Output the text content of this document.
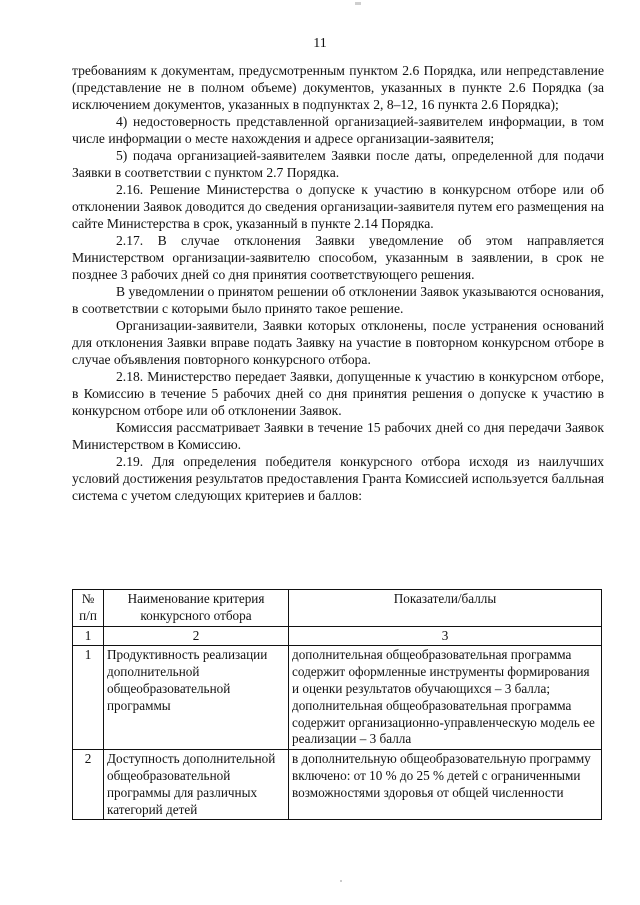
11

требованиям к документам, предусмотренным пунктом 2.6 Порядка, или непредставление (представление не в полном объеме) документов, указанных в пункте 2.6 Порядка (за исключением документов, указанных в подпунктах 2, 8–12, 16 пункта 2.6 Порядка);

4) недостоверность представленной организацией-заявителем информации, в том числе информации о месте нахождения и адресе организации-заявителя;

5) подача организацией-заявителем Заявки после даты, определенной для подачи Заявки в соответствии с пунктом 2.7 Порядка.

2.16. Решение Министерства о допуске к участию в конкурсном отборе или об отклонении Заявок доводится до сведения организации-заявителя путем его размещения на сайте Министерства в срок, указанный в пункте 2.14 Порядка.

2.17. В случае отклонения Заявки уведомление об этом направляется Министерством организации-заявителю способом, указанным в заявлении, в срок не позднее 3 рабочих дней со дня принятия соответствующего решения.

В уведомлении о принятом решении об отклонении Заявок указываются основания, в соответствии с которыми было принято такое решение.

Организации-заявители, Заявки которых отклонены, после устранения оснований для отклонения Заявки вправе подать Заявку на участие в повторном конкурсном отборе в случае объявления повторного конкурсного отбора.

2.18. Министерство передает Заявки, допущенные к участию в конкурсном отборе, в Комиссию в течение 5 рабочих дней со дня принятия решения о допуске к участию в конкурсном отборе или об отклонении Заявок.

Комиссия рассматривает Заявки в течение 15 рабочих дней со дня передачи Заявок Министерством в Комиссию.

2.19. Для определения победителя конкурсного отбора исходя из наилучших условий достижения результатов предоставления Гранта Комиссией используется балльная система с учетом следующих критериев и баллов:

№ п/п	Наименование критерия конкурсного отбора	Показатели/баллы
1	2	3
1	Продуктивность реализации дополнительной общеобразовательной программы	дополнительная общеобразовательная программа содержит оформленные инструменты формирования и оценки результатов обучающихся – 3 балла; дополнительная общеобразовательная программа содержит организационно-управленческую модель ее реализации – 3 балла
2	Доступность дополнительной общеобразовательной программы для различных категорий детей	в дополнительную общеобразовательную программу включено: от 10 % до 25 % детей с ограниченными возможностями здоровья от общей численности
